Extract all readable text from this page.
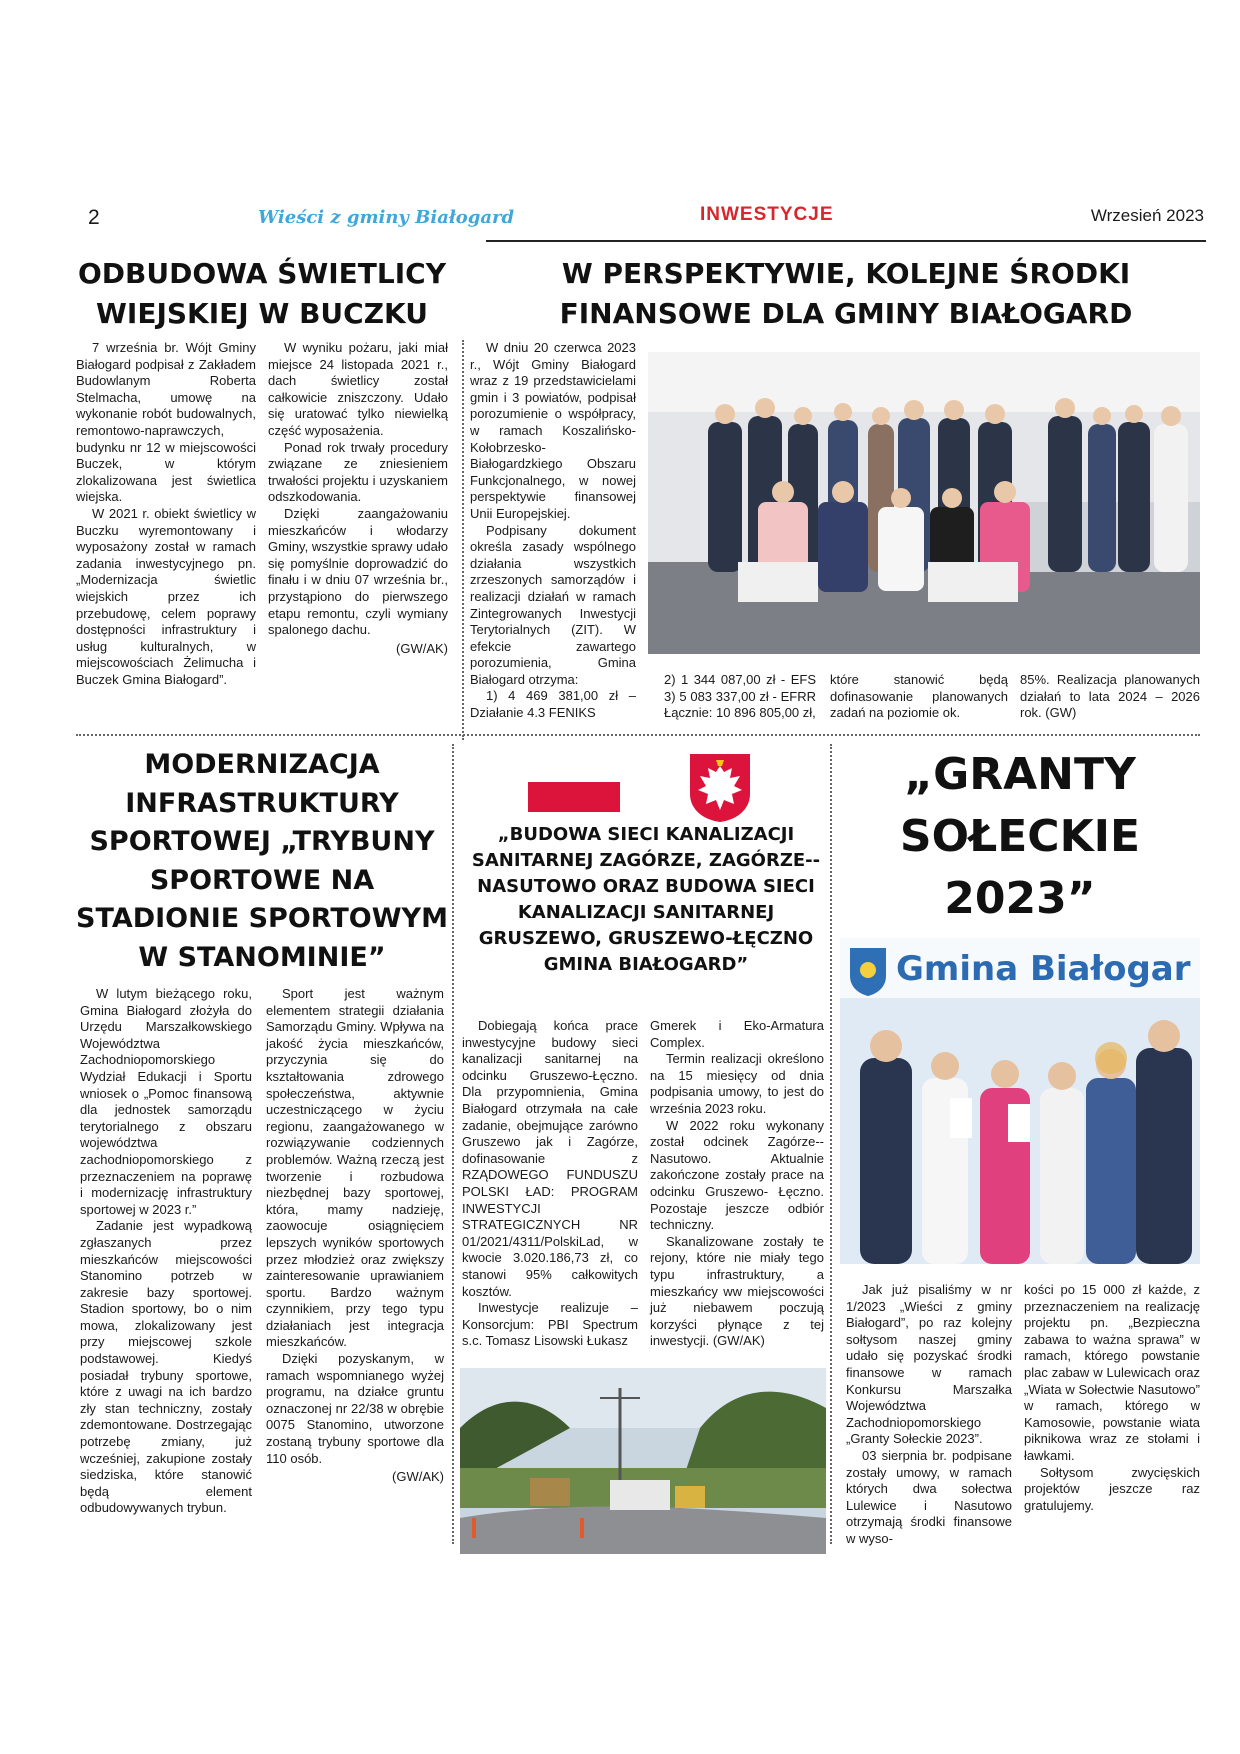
2	Wieści z gminy Białogard	INWESTYCJE	Wrzesień 2023
ODBUDOWA ŚWIETLICY WIEJSKIEJ W BUCZKU

7 września br. Wójt Gminy Białogard podpisał z Zakładem Budowlanym Roberta Stelmacha, umowę na wykonanie robót budowalnych, remontowo-naprawczych, budynku nr 12 w miejscowości Buczek, w którym zlokalizowana jest świetlica wiejska.

W 2021 r. obiekt świetlicy w Buczku wyremontowany i wyposażony został w ramach zadania inwestycyjnego pn. „Modernizacja świetlic wiejskich przez ich przebudowę, celem poprawy dostępności infrastruktury i usług kulturalnych, w miejscowościach Żelimucha i Buczek Gmina Białogard”.

W wyniku pożaru, jaki miał miejsce 24 listopada 2021 r., dach świetlicy został całkowicie zniszczony. Udało się uratować tylko niewielką część wyposażenia.

Ponad rok trwały procedury związane ze zniesieniem trwałości projektu i uzyskaniem odszkodowania.

Dzięki zaangażowaniu mieszkańców i włodarzy Gminy, wszystkie sprawy udało się pomyślnie doprowadzić do finału i w dniu 07 września br., przystąpiono do pierwszego etapu remontu, czyli wymiany spalonego dachu.

(GW/AK)

W PERSPEKTYWIE, KOLEJNE ŚRODKI FINANSOWE DLA GMINY BIAŁOGARD

W dniu 20 czerwca 2023 r., Wójt Gminy Białogard wraz z 19 przedstawicielami gmin i 3 powiatów, podpisał porozumienie o współpracy, w ramach Koszalińsko-Kołobrzesko-Białogardzkiego Obszaru Funkcjonalnego, w nowej perspektywie finansowej Unii Europejskiej.

Podpisany dokument określa zasady wspólnego działania wszystkich zrzeszonych samorządów i realizacji działań w ramach Zintegrowanych Inwestycji Terytorialnych (ZIT). W efekcie zawartego porozumienia, Gmina Białogard otrzyma:

1) 4 469 381,00 zł – Działanie 4.3 FENIKS

2) 1 344 087,00 zł - EFS 3) 5 083 337,00 zł - EFRR Łącznie: 10 896 805,00 zł,

które stanowić będą dofinasowanie planowanych zadań na poziomie ok.

85%. Realizacja planowanych działań to lata 2024 – 2026 rok. (GW)

MODERNIZACJA INFRASTRUKTURY SPORTOWEJ „TRYBUNY SPORTOWE NA STADIONIE SPORTOWYM W STANOMINIE”

W lutym bieżącego roku, Gmina Białogard złożyła do Urzędu Marszałkowskiego Województwa Zachodniopomorskiego Wydział Edukacji i Sportu wniosek o „Pomoc finansową dla jednostek samorządu terytorialnego z obszaru województwa zachodniopomorskiego z przeznaczeniem na poprawę i modernizację infrastruktury sportowej w 2023 r.”

Zadanie jest wypadkową zgłaszanych przez mieszkańców miejscowości Stanomino potrzeb w zakresie bazy sportowej. Stadion sportowy, bo o nim mowa, zlokalizowany jest przy miejscowej szkole podstawowej. Kiedyś posiadał trybuny sportowe, które z uwagi na ich bardzo zły stan techniczny, zostały zdemontowane. Dostrzegając potrzebę zmiany, już wcześniej, zakupione zostały siedziska, które stanowić będą element odbudowywanych trybun.

Sport jest ważnym elementem strategii działania Samorządu Gminy. Wpływa na jakość życia mieszkańców, przyczynia się do kształtowania zdrowego społeczeństwa, aktywnie uczestniczącego w życiu regionu, zaangażowanego w rozwiązywanie codziennych problemów. Ważną rzeczą jest tworzenie i rozbudowa niezbędnej bazy sportowej, która, mamy nadzieję, zaowocuje osiągnięciem lepszych wyników sportowych przez młodzież oraz zwiększy zainteresowanie uprawianiem sportu. Bardzo ważnym czynnikiem, przy tego typu działaniach jest integracja mieszkańców.

Dzięki pozyskanym, w ramach wspomnianego wyżej programu, na działce gruntu oznaczonej nr 22/38 w obrębie 0075 Stanomino, utworzone zostaną trybuny sportowe dla 110 osób.

(GW/AK)

„BUDOWA SIECI KANALIZACJI SANITARNEJ ZAGÓRZE, ZAGÓRZE--NASUTOWO ORAZ BUDOWA SIECI KANALIZACJI SANITARNEJ GRUSZEWO, GRUSZEWO-ŁĘCZNO GMINA BIAŁOGARD”

Dobiegają końca prace inwestycyjne budowy sieci kanalizacji sanitarnej na odcinku Gruszewo-Łęczno. Dla przypomnienia, Gmina Białogard otrzymała na całe zadanie, obejmujące zarówno Gruszewo jak i Zagórze, dofinasowanie z RZĄDOWEGO FUNDUSZU POLSKI ŁAD: PROGRAM INWESTYCJI STRATEGICZNYCH NR 01/2021/4311/PolskiLad, w kwocie 3.020.186,73 zł, co stanowi 95% całkowitych kosztów.

Inwestycje realizuje – Konsorcjum: PBI Spectrum s.c. Tomasz Lisowski Łukasz

Gmerek i Eko-Armatura Complex.

Termin realizacji określono na 15 miesięcy od dnia podpisania umowy, to jest do września 2023 roku.

W 2022 roku wykonany został odcinek Zagórze--Nasutowo. Aktualnie zakończone zostały prace na odcinku Gruszewo- Łęczno. Pozostaje jeszcze odbiór techniczny.

Skanalizowane zostały te rejony, które nie miały tego typu infrastruktury, a mieszkańcy ww miejscowości już niebawem poczują korzyści płynące z tej inwestycji. (GW/AK)

„GRANTY SOŁECKIE 2023”
Gmina Białogar

Jak już pisaliśmy w nr 1/2023 „Wieści z gminy Białogard”, po raz kolejny sołtysom naszej gminy udało się pozyskać środki finansowe w ramach Konkursu Marszałka Województwa Zachodniopomorskiego „Granty Sołeckie 2023”.

03 sierpnia br. podpisane zostały umowy, w ramach których dwa sołectwa Lulewice i Nasutowo otrzymają środki finansowe w wyso-

kości po 15 000 zł każde, z przeznaczeniem na realizację projektu pn. „Bezpieczna zabawa to ważna sprawa” w ramach, którego powstanie plac zabaw w Lulewicach oraz „Wiata w Sołectwie Nasutowo” w ramach, którego w Kamosowie, powstanie wiata piknikowa wraz ze stołami i ławkami.

Sołtysom zwycięskich projektów jeszcze raz gratulujemy.
